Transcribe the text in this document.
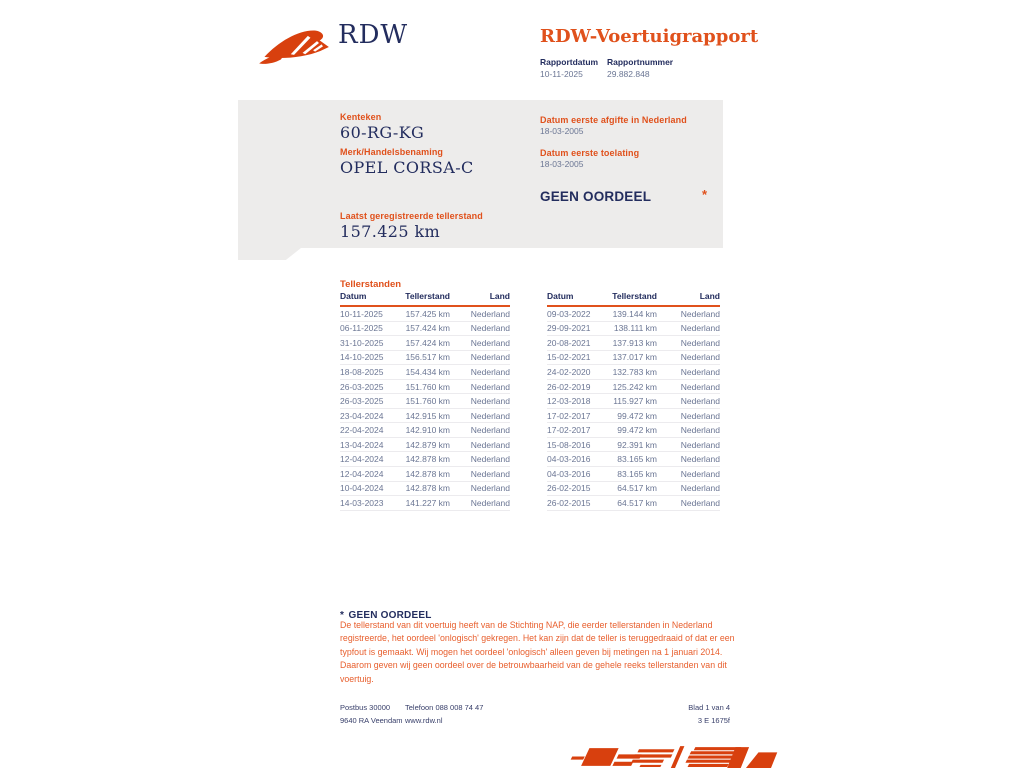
RDW	RDW-Voertuigrapport
Rapportdatum Rapportnummer
10-11-2025	29.882.848
Kenteken
60-RG-KG
Merk/Handelsbenaming
OPEL CORSA-C
Laatst geregistreerde tellerstand
157.425 km
Datum eerste afgifte in Nederland
18-03-2005
Datum eerste toelating
18-03-2005
GEEN OORDEEL	*
Tellerstanden
Datum	Tellerstand	Land
10-11-2025	157.425 km	Nederland
06-11-2025	157.424 km	Nederland
31-10-2025	157.424 km	Nederland
14-10-2025	156.517 km	Nederland
18-08-2025	154.434 km	Nederland
26-03-2025	151.760 km	Nederland
26-03-2025	151.760 km	Nederland
23-04-2024	142.915 km	Nederland
22-04-2024	142.910 km	Nederland
13-04-2024	142.879 km	Nederland
12-04-2024	142.878 km	Nederland
12-04-2024	142.878 km	Nederland
10-04-2024	142.878 km	Nederland
14-03-2023	141.227 km	Nederland
Datum	Tellerstand	Land
09-03-2022	139.144 km	Nederland
29-09-2021	138.111 km	Nederland
20-08-2021	137.913 km	Nederland
15-02-2021	137.017 km	Nederland
24-02-2020	132.783 km	Nederland
26-02-2019	125.242 km	Nederland
12-03-2018	115.927 km	Nederland
17-02-2017	99.472 km	Nederland
17-02-2017	99.472 km	Nederland
15-08-2016	92.391 km	Nederland
04-03-2016	83.165 km	Nederland
04-03-2016	83.165 km	Nederland
26-02-2015	64.517 km	Nederland
26-02-2015	64.517 km	Nederland
* GEEN OORDEEL
De tellerstand van dit voertuig heeft van de Stichting NAP, die eerder tellerstanden in Nederland registreerde, het oordeel 'onlogisch' gekregen. Het kan zijn dat de teller is teruggedraaid of dat er een typfout is gemaakt. Wij mogen het oordeel 'onlogisch' alleen geven bij metingen na 1 januari 2014. Daarom geven wij geen oordeel over de betrouwbaarheid van de gehele reeks tellerstanden van dit voertuig.
Postbus 30000
9640 RA Veendam
Telefoon 088 008 74 47
www.rdw.nl
Blad 1 van 4
3 E 1675f
